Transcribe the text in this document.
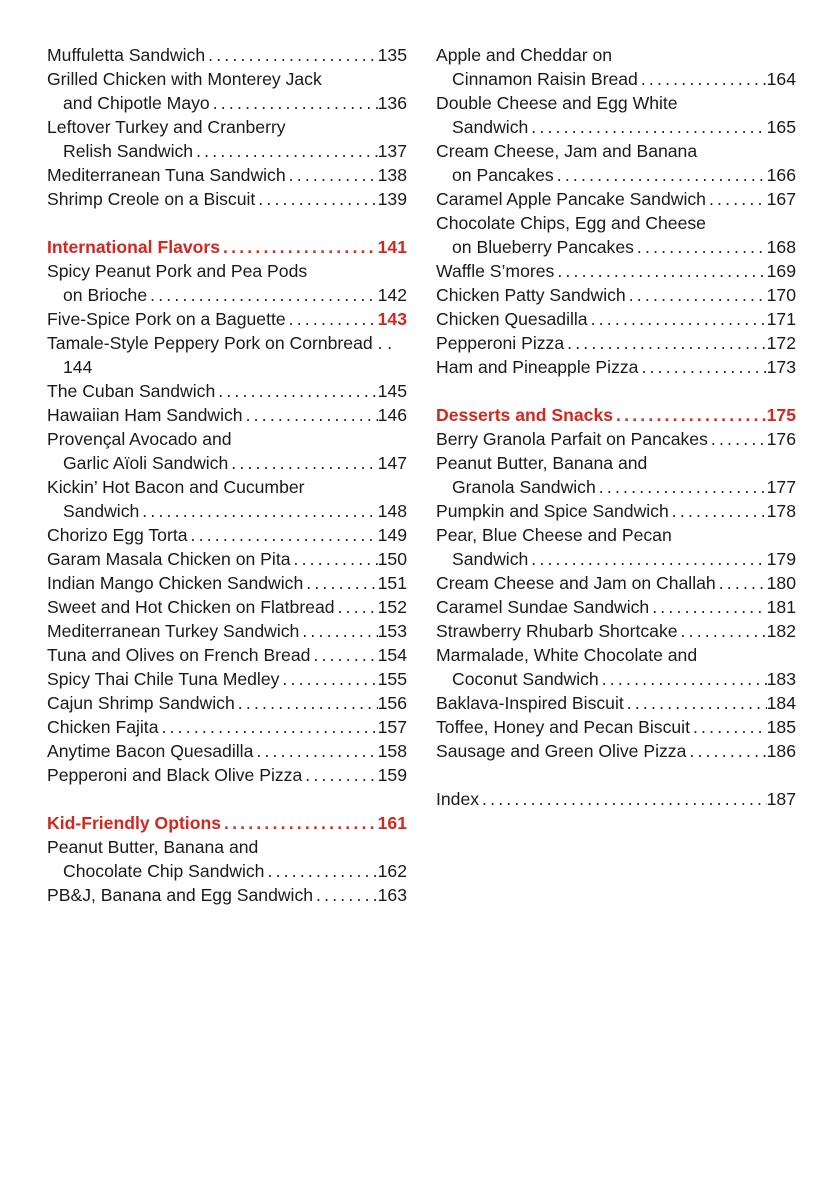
Muffuletta Sandwich .....	135
Grilled Chicken with Monterey Jack
and Chipotle Mayo .....	136
Leftover Turkey and Cranberry
Relish Sandwich .....	137
Mediterranean Tuna Sandwich .....	138
Shrimp Creole on a Biscuit .....	139
International Flavors .....	141
Spicy Peanut Pork and Pea Pods
on Brioche .....	142
Five-Spice Pork on a Baguette .....	143
Tamale-Style Peppery Pork on Cornbread . .
144
The Cuban Sandwich .....	145
Hawaiian Ham Sandwich .....	146
Provençal Avocado and
Garlic Aïoli Sandwich .....	147
Kickin’ Hot Bacon and Cucumber
Sandwich .....	148
Chorizo Egg Torta .....	149
Garam Masala Chicken on Pita .....	150
Indian Mango Chicken Sandwich .....	151
Sweet and Hot Chicken on Flatbread ..... 152
Mediterranean Turkey Sandwich .....	153
Tuna and Olives on French Bread .....	154
Spicy Thai Chile Tuna Medley .....	155
Cajun Shrimp Sandwich .....	156
Chicken Fajita .....	157
Anytime Bacon Quesadilla .....	158
Pepperoni and Black Olive Pizza .....	159
Kid-Friendly Options .....	161
Peanut Butter, Banana and
Chocolate Chip Sandwich .....	162
PB&J, Banana and Egg Sandwich .....	163
Apple and Cheddar on
Cinnamon Raisin Bread .....	164
Double Cheese and Egg White
Sandwich .....	165
Cream Cheese, Jam and Banana
on Pancakes .....	166
Caramel Apple Pancake Sandwich .....	167
Chocolate Chips, Egg and Cheese
on Blueberry Pancakes .....	168
Waffle S’mores .....	169
Chicken Patty Sandwich .....	170
Chicken Quesadilla .....	171
Pepperoni Pizza .....	172
Ham and Pineapple Pizza .....	173
Desserts and Snacks .....	175
Berry Granola Parfait on Pancakes .....	176
Peanut Butter, Banana and
Granola Sandwich .....	177
Pumpkin and Spice Sandwich .....	178
Pear, Blue Cheese and Pecan
Sandwich .....	179
Cream Cheese and Jam on Challah .....	180
Caramel Sundae Sandwich .....	181
Strawberry Rhubarb Shortcake .....	182
Marmalade, White Chocolate and
Coconut Sandwich .....	183
Baklava-Inspired Biscuit .....	184
Toffee, Honey and Pecan Biscuit .....	185
Sausage and Green Olive Pizza .....	186
Index .....	187
